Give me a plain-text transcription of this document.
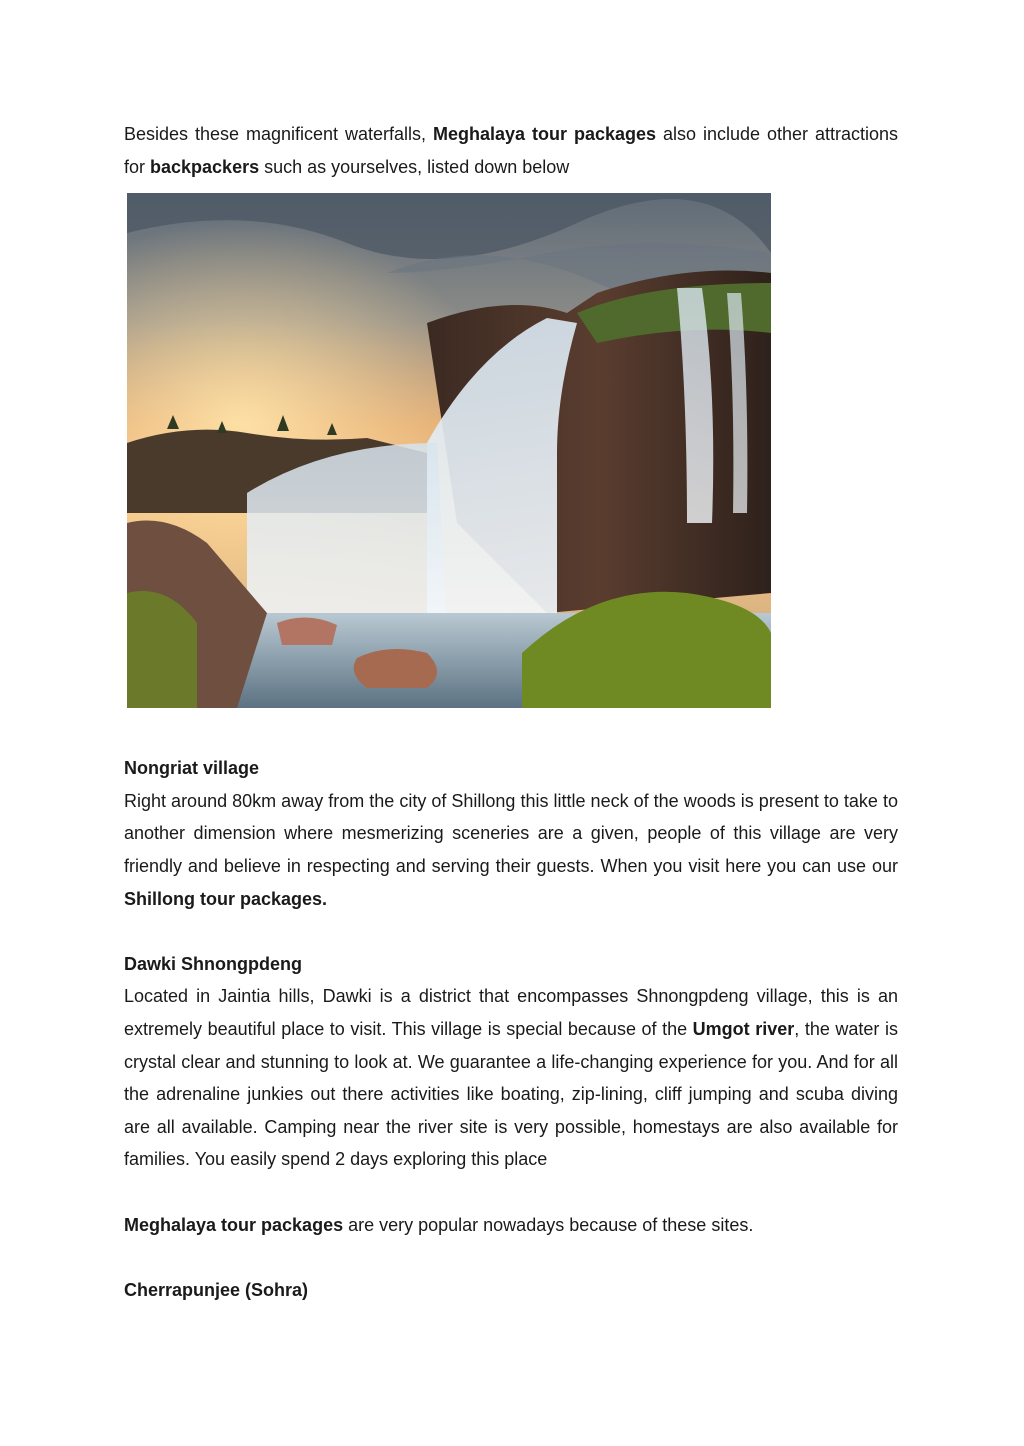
Besides these magnificent waterfalls, Meghalaya tour packages also include other attractions for backpackers such as yourselves, listed down below

Nongriat village

Right around 80km away from the city of Shillong this little neck of the woods is present to take to another dimension where mesmerizing sceneries are a given, people of this village are very friendly and believe in respecting and serving their guests. When you visit here you can use our Shillong tour packages.

Dawki Shnongpdeng

Located in Jaintia hills, Dawki is a district that encompasses Shnongpdeng village, this is an extremely beautiful place to visit. This village is special because of the Umgot river, the water is crystal clear and stunning to look at. We guarantee a life-changing experience for you. And for all the adrenaline junkies out there activities like boating, zip-lining, cliff jumping and scuba diving are all available. Camping near the river site is very possible, homestays are also available for families. You easily spend 2 days exploring this place

Meghalaya tour packages are very popular nowadays because of these sites.

Cherrapunjee (Sohra)
